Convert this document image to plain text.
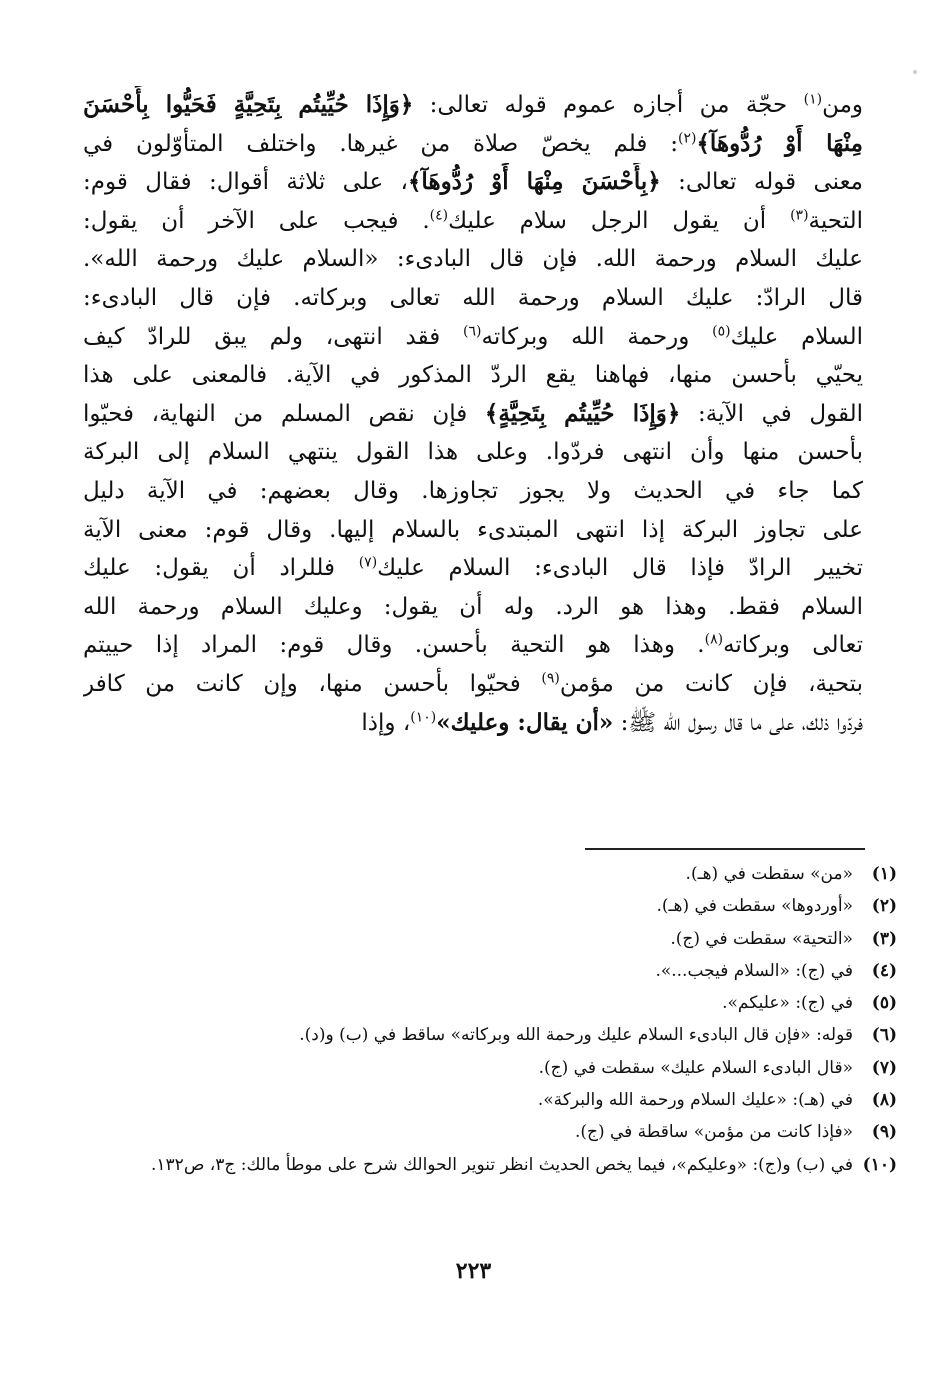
ومن$^{(١)}$ حجّة من أجازه عموم قوله تعالى: ﴿وَإِذَا حُيِّيتُم بِتَحِيَّةٍ فَحَيُّوا بِأَحْسَنَ
مِنْهَا أَوْ رُدُّوهَآ﴾$^{(٢)}$: فلم يخصّ صلاة من غيرها. واختلف المتأوّلون في
معنى قوله تعالى: ﴿بِأَحْسَنَ مِنْهَا أَوْ رُدُّوهَآ﴾، على ثلاثة أقوال: فقال قوم:
التحية$^{(٣)}$ أن يقول الرجل سلام عليك$^{(٤)}$. فيجب على الآخر أن يقول:
عليك السلام ورحمة الله. فإن قال البادىء: «السلام عليك ورحمة الله».
قال الرادّ: عليك السلام ورحمة الله تعالى وبركاته. فإن قال البادىء:
السلام عليك$^{(٥)}$ ورحمة الله وبركاته$^{(٦)}$ فقد انتهى، ولم يبق للرادّ كيف
يحيّي بأحسن منها، فهاهنا يقع الردّ المذكور في الآية. فالمعنى على هذا
القول في الآية: ﴿وَإِذَا حُيِّيتُم بِتَحِيَّةٍ﴾ فإن نقص المسلم من النهاية، فحيّوا
بأحسن منها وأن انتهى فردّوا. وعلى هذا القول ينتهي السلام إلى البركة
كما جاء في الحديث ولا يجوز تجاوزها. وقال بعضهم: في الآية دليل
على تجاوز البركة إذا انتهى المبتدىء بالسلام إليها. وقال قوم: معنى الآية
تخيير الرادّ فإذا قال البادىء: السلام عليك$^{(٧)}$ فللراد أن يقول: عليك
السلام فقط. وهذا هو الرد. وله أن يقول: وعليك السلام ورحمة الله
تعالى وبركاته$^{(٨)}$. وهذا هو التحية بأحسن. وقال قوم: المراد إذا حييتم
بتحية، فإن كانت من مؤمن$^{(٩)}$ فحيّوا بأحسن منها، وإن كانت من كافر
فردّوا ذلك، على ما قال رسول الله ﷺ: «أن يقال: وعليك»$^{(١٠)}$، وإذا
(١)
«من» سقطت في (هـ).
(٢)
«أوردوها» سقطت في (هـ).
(٣)
«التحية» سقطت في (ج).
(٤)
في (ج): «السلام فيجب...».
(٥)
في (ج): «عليكم».
(٦)
قوله: «فإن قال البادىء السلام عليك ورحمة الله وبركاته» ساقط في (ب) و(د).
(٧)
«قال البادىء السلام عليك» سقطت في (ج).
(٨)
في (هـ): «عليك السلام ورحمة الله والبركة».
(٩)
«فإذا كانت من مؤمن» ساقطة في (ج).
(١٠)
في (ب) و(ج): «وعليكم»، فيما يخص الحديث انظر تنوير الحوالك شرح على موطأ مالك: ج٣، ص١٣٢.
٢٢٣
